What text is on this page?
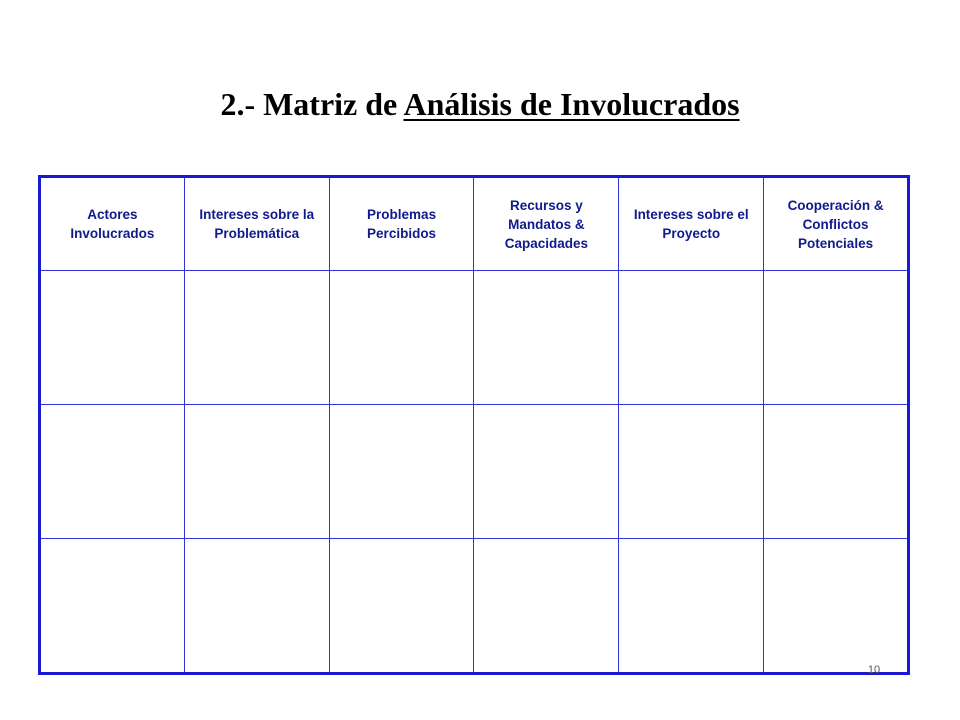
2.- Matriz de Análisis de Involucrados
Actores Involucrados	Intereses sobre la Problemática	Problemas Percibidos	Recursos y Mandatos & Capacidades	Intereses sobre el Proyecto	Cooperación & Conflictos Potenciales

10
